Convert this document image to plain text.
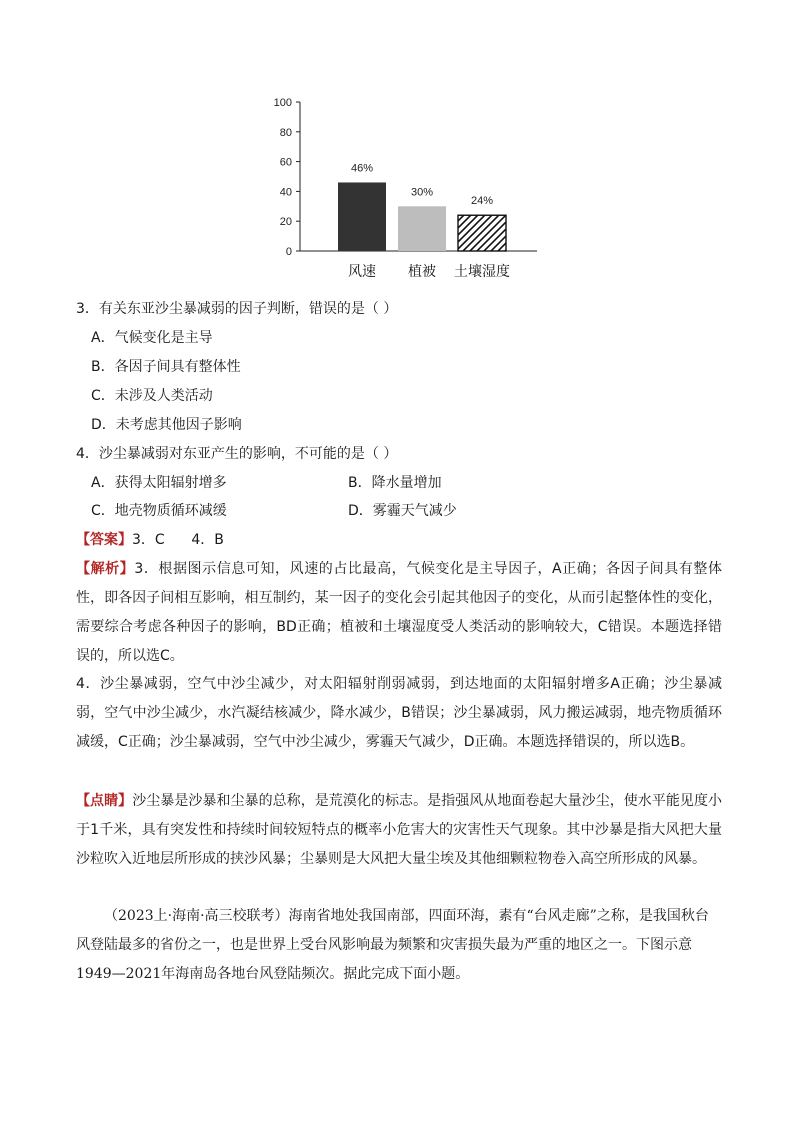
0
20
40
60
80
100
46%
30%
24%
风速 植被 土壤湿度
3．有关东亚沙尘暴减弱的因子判断，错误的是（ ）
A．气候变化是主导
B．各因子间具有整体性
C．未涉及人类活动
D．未考虑其他因子影响
4．沙尘暴减弱对东亚产生的影响，不可能的是（ ）
A．获得太阳辐射增多	B．降水量增加
C．地壳物质循环减缓	D．雾霾天气减少
【答案】3．C      4．B
【解析】3．根据图示信息可知，风速的占比最高，气候变化是主导因子，A正确；各因子间具有整体性，即各因子间相互影响，相互制约，某一因子的变化会引起其他因子的变化，从而引起整体性的变化，需要综合考虑各种因子的影响，BD正确；植被和土壤湿度受人类活动的影响较大，C错误。本题选择错误的，所以选C。
4．沙尘暴减弱，空气中沙尘减少，对太阳辐射削弱减弱，到达地面的太阳辐射增多A正确；沙尘暴减弱，空气中沙尘减少，水汽凝结核减少，降水减少，B错误；沙尘暴减弱，风力搬运减弱，地壳物质循环减缓，C正确；沙尘暴减弱，空气中沙尘减少，雾霾天气减少，D正确。本题选择错误的，所以选B。
【点睛】沙尘暴是沙暴和尘暴的总称，是荒漠化的标志。是指强风从地面卷起大量沙尘，使水平能见度小于1千米，具有突发性和持续时间较短特点的概率小危害大的灾害性天气现象。其中沙暴是指大风把大量沙粒吹入近地层所形成的挟沙风暴；尘暴则是大风把大量尘埃及其他细颗粒物卷入高空所形成的风暴。
（2023上·海南·高三校联考）海南省地处我国南部，四面环海，素有“台风走廊”之称，是我国秋台风登陆最多的省份之一，也是世界上受台风影响最为频繁和灾害损失最为严重的地区之一。下图示意1949—2021年海南岛各地台风登陆频次。据此完成下面小题。
